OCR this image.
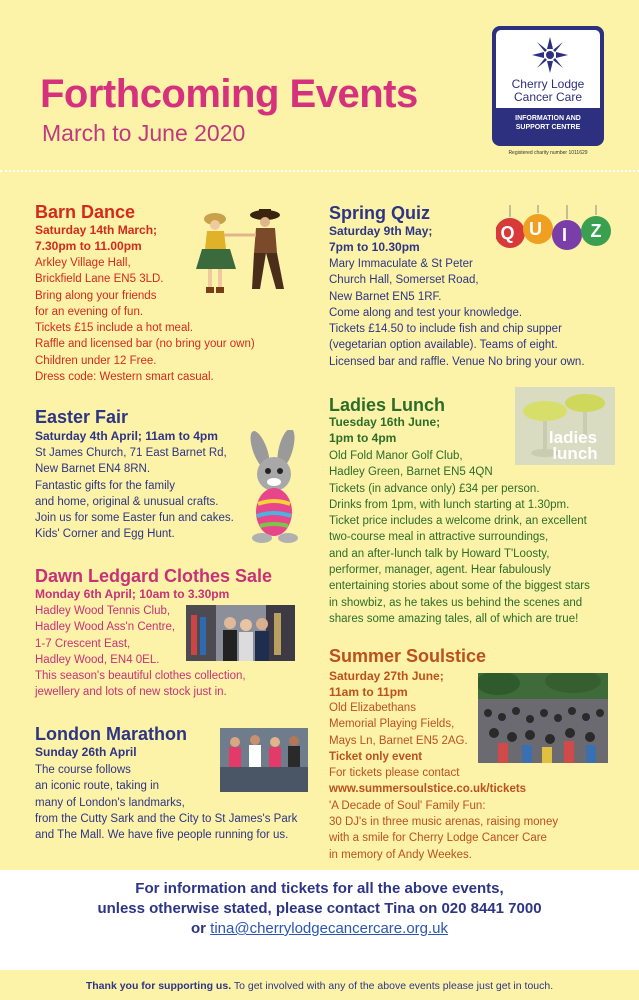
Forthcoming Events
March to June 2020
Cherry Lodge
Cancer Care
INFORMATION AND
SUPPORT CENTRE
Registered charity number 1011629
Barn Dance
Saturday 14th March;
7.30pm to 11.00pm
Arkley Village Hall,
Brickfield Lane EN5 3LD.
Bring along your friends
for an evening of fun.
Tickets £15 include a hot meal.
Raffle and licensed bar (no bring your own)
Children under 12 Free.
Dress code: Western smart casual.
Easter Fair
Saturday 4th April; 11am to 4pm
St James Church, 71 East Barnet Rd,
New Barnet EN4 8RN.
Fantastic gifts for the family
and home, original & unusual crafts.
Join us for some Easter fun and cakes.
Kids' Corner and Egg Hunt.
Dawn Ledgard Clothes Sale
Monday 6th April; 10am to 3.30pm
Hadley Wood Tennis Club,
Hadley Wood Ass'n Centre,
1-7 Crescent East,
Hadley Wood, EN4 0EL.
This season's beautiful clothes collection,
jewellery and lots of new stock just in.
London Marathon
Sunday 26th April
The course follows
an iconic route, taking in
many of London's landmarks,
from the Cutty Sark and the City to St James's Park
and The Mall. We have five people running for us.
Spring Quiz
Saturday 9th May;
7pm to 10.30pm
Mary Immaculate & St Peter
Church Hall, Somerset Road,
New Barnet EN5 1RF.
Come along and test your knowledge.
Tickets £14.50 to include fish and chip supper
(vegetarian option available). Teams of eight.
Licensed bar and raffle. Venue No bring your own.
Q U I Z
Ladies Lunch
Tuesday 16th June;
1pm to 4pm
Old Fold Manor Golf Club,
Hadley Green, Barnet EN5 4QN
Tickets (in advance only) £34 per person.
Drinks from 1pm, with lunch starting at 1.30pm.
Ticket price includes a welcome drink, an excellent
two-course meal in attractive surroundings,
and an after-lunch talk by Howard T'Loosty,
performer, manager, agent. Hear fabulously
entertaining stories about some of the biggest stars
in showbiz, as he takes us behind the scenes and
shares some amazing tales, all of which are true!
ladies
lunch
Summer Soulstice
Saturday 27th June;
11am to 11pm
Old Elizabethans
Memorial Playing Fields,
Mays Ln, Barnet EN5 2AG.
Ticket only event
For tickets please contact
www.summersoulstice.co.uk/tickets
'A Decade of Soul' Family Fun:
30 DJ's in three music arenas, raising money
with a smile for Cherry Lodge Cancer Care
in memory of Andy Weekes.
For information and tickets for all the above events,
unless otherwise stated, please contact Tina on 020 8441 7000
or tina@cherrylodgecancercare.org.uk
Thank you for supporting us. To get involved with any of the above events please just get in touch.
